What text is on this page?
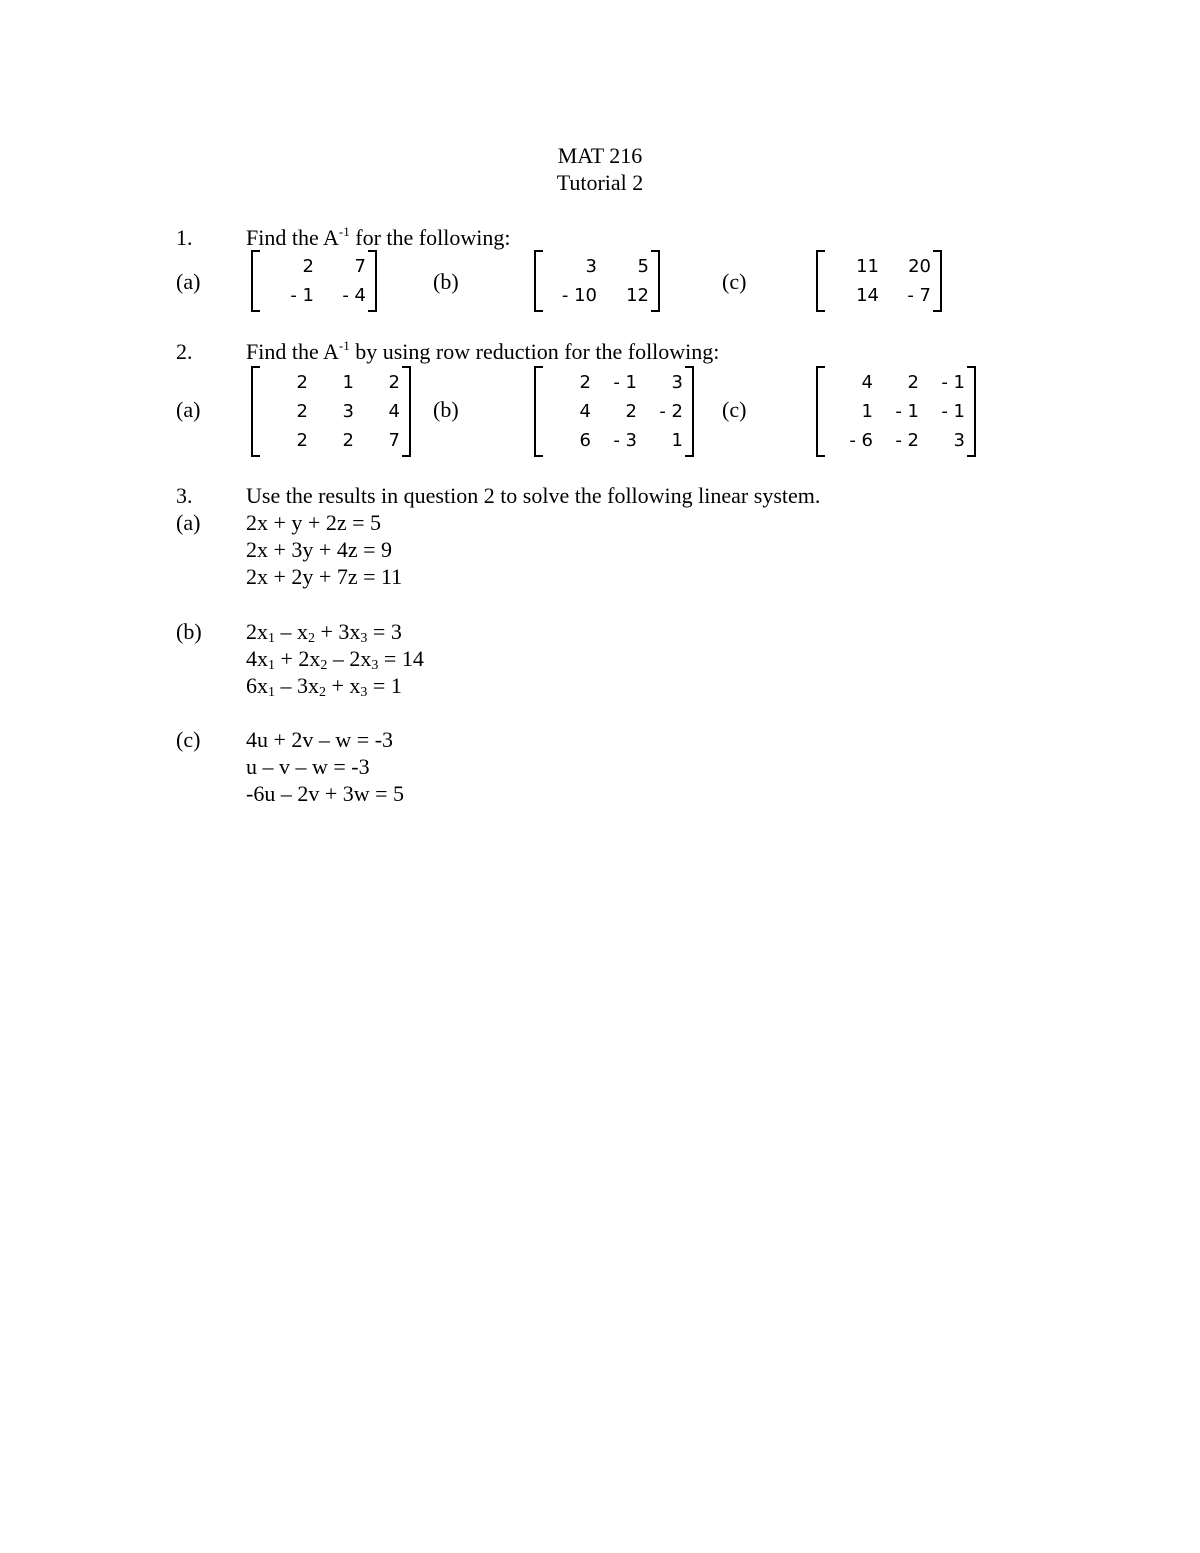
MAT 216
Tutorial 2
1. Find the $A^{-1}$ for the following:
(a)
2	7
- 1	- 4
(b)
3	5
- 10	12
(c)
11	20
14	- 7
2. Find the $A^{-1}$ by using row reduction for the following:
(a)
2	1	2
2	3	4
2	2	7
(b)
2	- 1	3
4	2	- 2
6	- 3	1
(c)
4	2	- 1
1	- 1	- 1
- 6	- 2	3
3. Use the results in question 2 to solve the following linear system.
(a) 2x + y + 2z = 5
2x + 3y + 4z = 9
2x + 2y + 7z = 11
(b) $2x_1 - x_2 + 3x_3 = 3$
$4x_1 + 2x_2 - 2x_3 = 14$
$6x_1 - 3x_2 + x_3 = 1$
(c) 4u + 2v – w = -3
u – v – w = -3
-6u – 2v + 3w = 5
